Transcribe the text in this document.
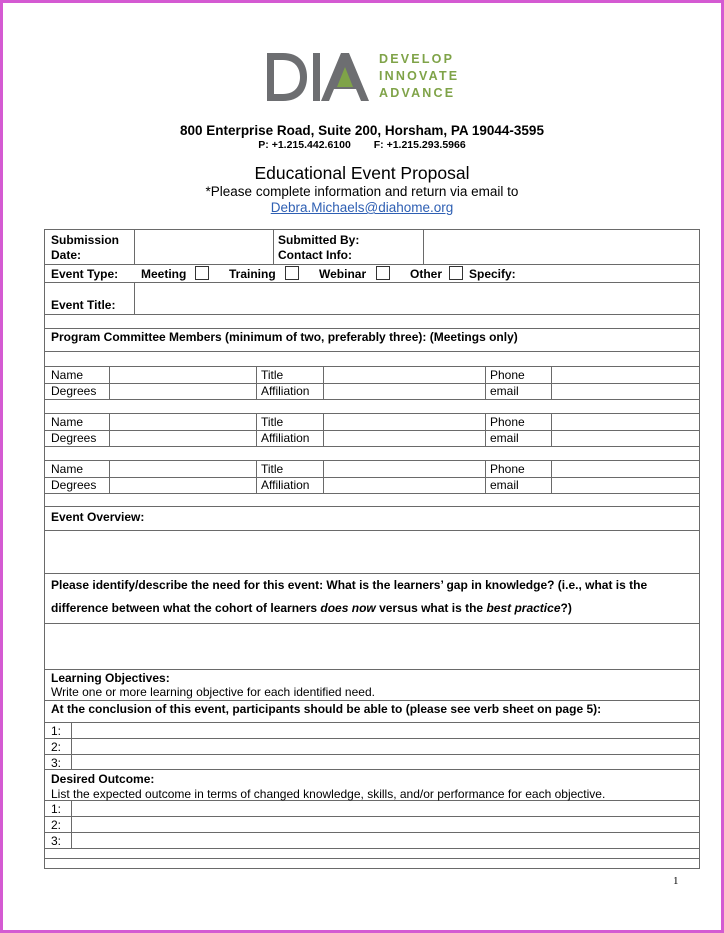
DEVELOP
INNOVATE
ADVANCE
800 Enterprise Road, Suite 200, Horsham, PA 19044-3595
P: +1.215.442.6100 F: +1.215.293.5966
Educational Event Proposal
*Please complete information and return via email to
Debra.Michaels@diahome.org
Submission
Date:
Submitted By:
Contact Info:
Event Type: Meeting	Training	Webinar	Other Specify:
Event Title:
Program Committee Members (minimum of two, preferably three): (Meetings only)
Name	Title	Phone
Degrees	Affiliation	email
Name	Title	Phone
Degrees	Affiliation	email
Name	Title	Phone
Degrees	Affiliation	email
Event Overview:
Please identify/describe the need for this event: What is the learners’ gap in knowledge? (i.e., what is the
difference between what the cohort of learners does now versus what is the best practice?)
Learning Objectives:
Write one or more learning objective for each identified need.
At the conclusion of this event, participants should be able to (please see verb sheet on page 5):
1:
2:
3:
Desired Outcome:
List the expected outcome in terms of changed knowledge, skills, and/or performance for each objective.
1:
2:
3:
1
